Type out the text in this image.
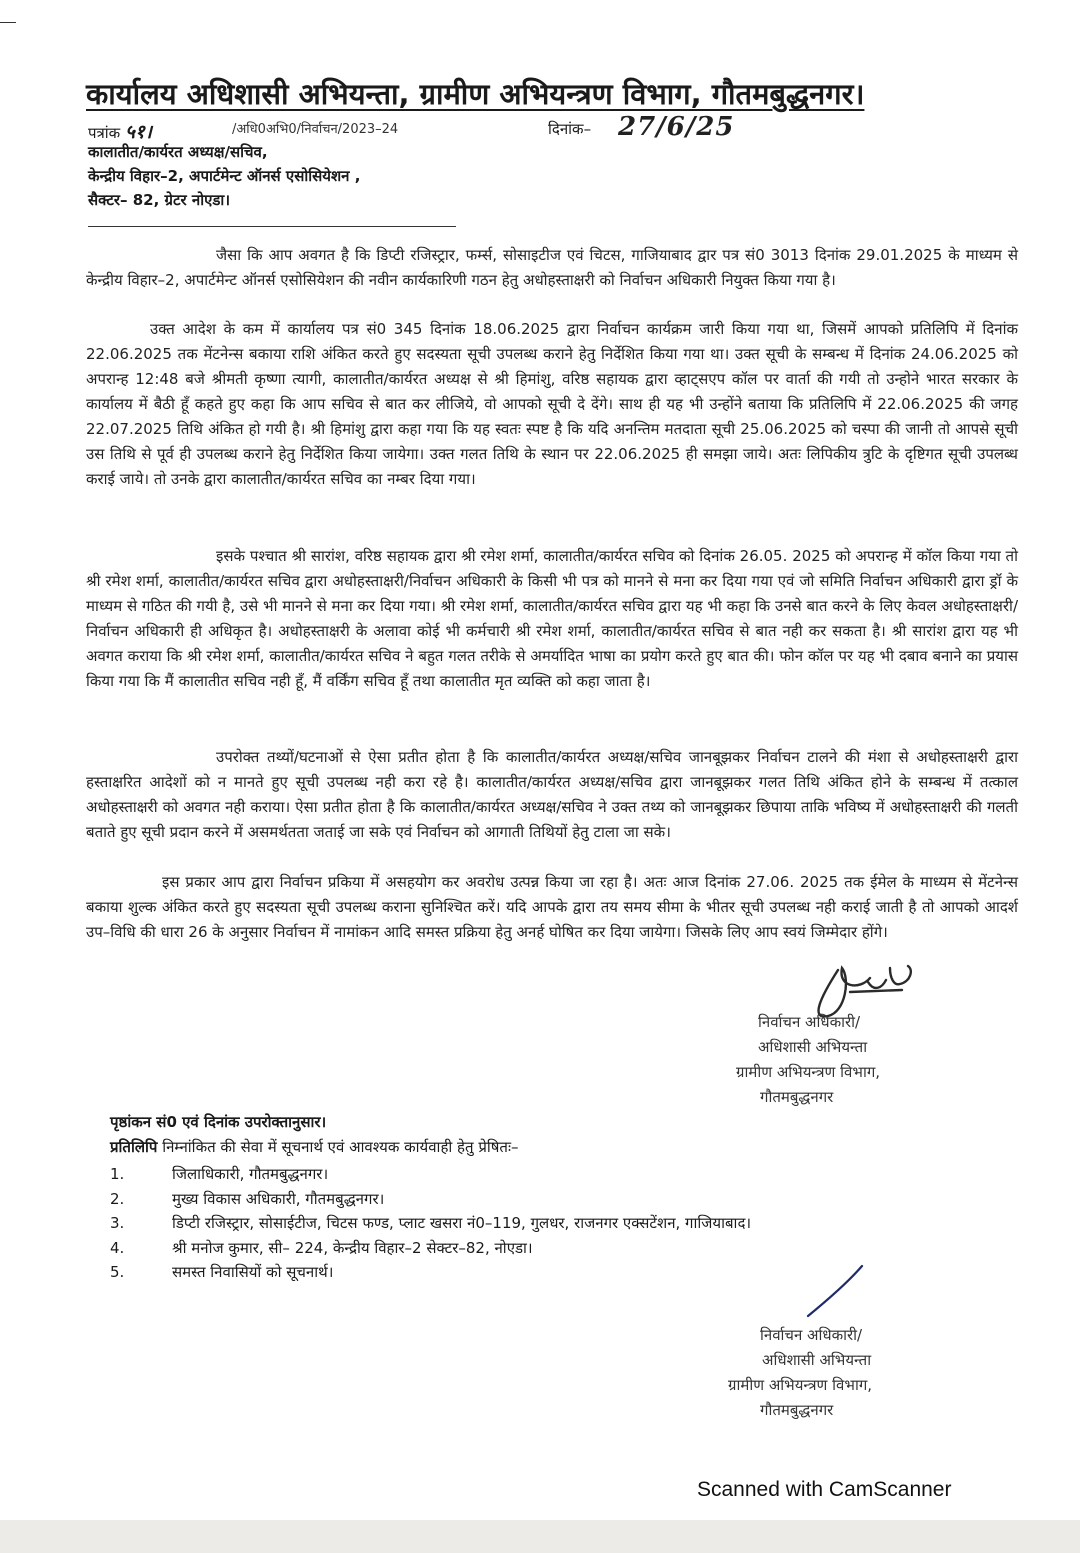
कार्यालय अधिशासी अभियन्ता, ग्रामीण अभियन्त्रण विभाग, गौतमबुद्धनगर।
पत्रांक ५१।	/अधि0अभि0/निर्वाचन/2023–24	दिनांक– 27/6/25
कालातीत/कार्यरत अध्यक्ष/सचिव,
केन्द्रीय विहार–2, अपार्टमेन्ट ऑनर्स एसोसियेशन ,
सैक्टर– 82, ग्रेटर नोएडा।
जैसा कि आप अवगत है कि डिप्टी रजिस्ट्रार, फर्म्स, सोसाइटीज एवं चिटस, गाजियाबाद द्वार पत्र सं0 3013 दिनांक 29.01.2025 के माध्यम से केन्द्रीय विहार–2, अपार्टमेन्ट ऑनर्स एसोसियेशन की नवीन कार्यकारिणी गठन हेतु अधोहस्ताक्षरी को निर्वाचन अधिकारी नियुक्त किया गया है।
उक्त आदेश के कम में कार्यालय पत्र सं0 345 दिनांक 18.06.2025 द्वारा निर्वाचन कार्यक्रम जारी किया गया था, जिसमें आपको प्रतिलिपि में दिनांक 22.06.2025 तक मेंटनेन्स बकाया राशि अंकित करते हुए सदस्यता सूची उपलब्ध कराने हेतु निर्देशित किया गया था। उक्त सूची के सम्बन्ध में दिनांक 24.06.2025 को अपरान्ह 12:48 बजे श्रीमती कृष्णा त्यागी, कालातीत/कार्यरत अध्यक्ष से श्री हिमांशु, वरिष्ठ सहायक द्वारा व्हाट्सएप कॉल पर वार्ता की गयी तो उन्होने भारत सरकार के कार्यालय में बैठी हूँ कहते हुए कहा कि आप सचिव से बात कर लीजिये, वो आपको सूची दे देंगे। साथ ही यह भी उन्होंने बताया कि प्रतिलिपि में 22.06.2025 की जगह 22.07.2025 तिथि अंकित हो गयी है। श्री हिमांशु द्वारा कहा गया कि यह स्वतः स्पष्ट है कि यदि अनन्तिम मतदाता सूची 25.06.2025 को चस्पा की जानी तो आपसे सूची उस तिथि से पूर्व ही उपलब्ध कराने हेतु निर्देशित किया जायेगा। उक्त गलत तिथि के स्थान पर 22.06.2025 ही समझा जाये। अतः लिपिकीय त्रुटि के दृष्टिगत सूची उपलब्ध कराई जाये। तो उनके द्वारा कालातीत/कार्यरत सचिव का नम्बर दिया गया।
इसके पश्चात श्री सारांश, वरिष्ठ सहायक द्वारा श्री रमेश शर्मा, कालातीत/कार्यरत सचिव को दिनांक 26.05. 2025 को अपरान्ह में कॉल किया गया तो श्री रमेश शर्मा, कालातीत/कार्यरत सचिव द्वारा अधोहस्ताक्षरी/निर्वाचन अधिकारी के किसी भी पत्र को मानने से मना कर दिया गया एवं जो समिति निर्वाचन अधिकारी द्वारा ड्रॉ के माध्यम से गठित की गयी है, उसे भी मानने से मना कर दिया गया। श्री रमेश शर्मा, कालातीत/कार्यरत सचिव द्वारा यह भी कहा कि उनसे बात करने के लिए केवल अधोहस्ताक्षरी/निर्वाचन अधिकारी ही अधिकृत है। अधोहस्ताक्षरी के अलावा कोई भी कर्मचारी श्री रमेश शर्मा, कालातीत/कार्यरत सचिव से बात नही कर सकता है। श्री सारांश द्वारा यह भी अवगत कराया कि श्री रमेश शर्मा, कालातीत/कार्यरत सचिव ने बहुत गलत तरीके से अमर्यादित भाषा का प्रयोग करते हुए बात की। फोन कॉल पर यह भी दबाव बनाने का प्रयास किया गया कि मैं कालातीत सचिव नही हूँ, मैं वर्किंग सचिव हूँ तथा कालातीत मृत व्यक्ति को कहा जाता है।
उपरोक्त तथ्यों/घटनाओं से ऐसा प्रतीत होता है कि कालातीत/कार्यरत अध्यक्ष/सचिव जानबूझकर निर्वाचन टालने की मंशा से अधोहस्ताक्षरी द्वारा हस्ताक्षरित आदेशों को न मानते हुए सूची उपलब्ध नही करा रहे है। कालातीत/कार्यरत अध्यक्ष/सचिव द्वारा जानबूझकर गलत तिथि अंकित होने के सम्बन्ध में तत्काल अधोहस्ताक्षरी को अवगत नही कराया। ऐसा प्रतीत होता है कि कालातीत/कार्यरत अध्यक्ष/सचिव ने उक्त तथ्य को जानबूझकर छिपाया ताकि भविष्य में अधोहस्ताक्षरी की गलती बताते हुए सूची प्रदान करने में असमर्थतता जताई जा सके एवं निर्वाचन को आगाती तिथियों हेतु टाला जा सके।
इस प्रकार आप द्वारा निर्वाचन प्रकिया में असहयोग कर अवरोध उत्पन्न किया जा रहा है। अतः आज दिनांक 27.06. 2025 तक ईमेल के माध्यम से मेंटनेन्स बकाया शुल्क अंकित करते हुए सदस्यता सूची उपलब्ध कराना सुनिश्चित करें। यदि आपके द्वारा तय समय सीमा के भीतर सूची उपलब्ध नही कराई जाती है तो आपको आदर्श उप–विधि की धारा 26 के अनुसार निर्वाचन में नामांकन आदि समस्त प्रक्रिया हेतु अनर्ह घोषित कर दिया जायेगा। जिसके लिए आप स्वयं जिम्मेदार होंगे।
निर्वाचन अधिकारी/
अधिशासी अभियन्ता
ग्रामीण अभियन्त्रण विभाग,
गौतमबुद्धनगर
पृष्ठांकन सं0 एवं दिनांक उपरोक्तानुसार।
प्रतिलिपि निम्नांकित की सेवा में सूचनार्थ एवं आवश्यक कार्यवाही हेतु प्रेषितः–
1.	जिलाधिकारी, गौतमबुद्धनगर।
2.	मुख्य विकास अधिकारी, गौतमबुद्धनगर।
3.	डिप्टी रजिस्ट्रार, सोसाईटीज, चिटस फण्ड, प्लाट खसरा नं0–119, गुलधर, राजनगर एक्सटेंशन, गाजियाबाद।
4.	श्री मनोज कुमार, सी– 224, केन्द्रीय विहार–2 सेक्टर–82, नोएडा।
5.	समस्त निवासियों को सूचनार्थ।
निर्वाचन अधिकारी/
अधिशासी अभियन्ता
ग्रामीण अभियन्त्रण विभाग,
गौतमबुद्धनगर
Scanned with CamScanner
